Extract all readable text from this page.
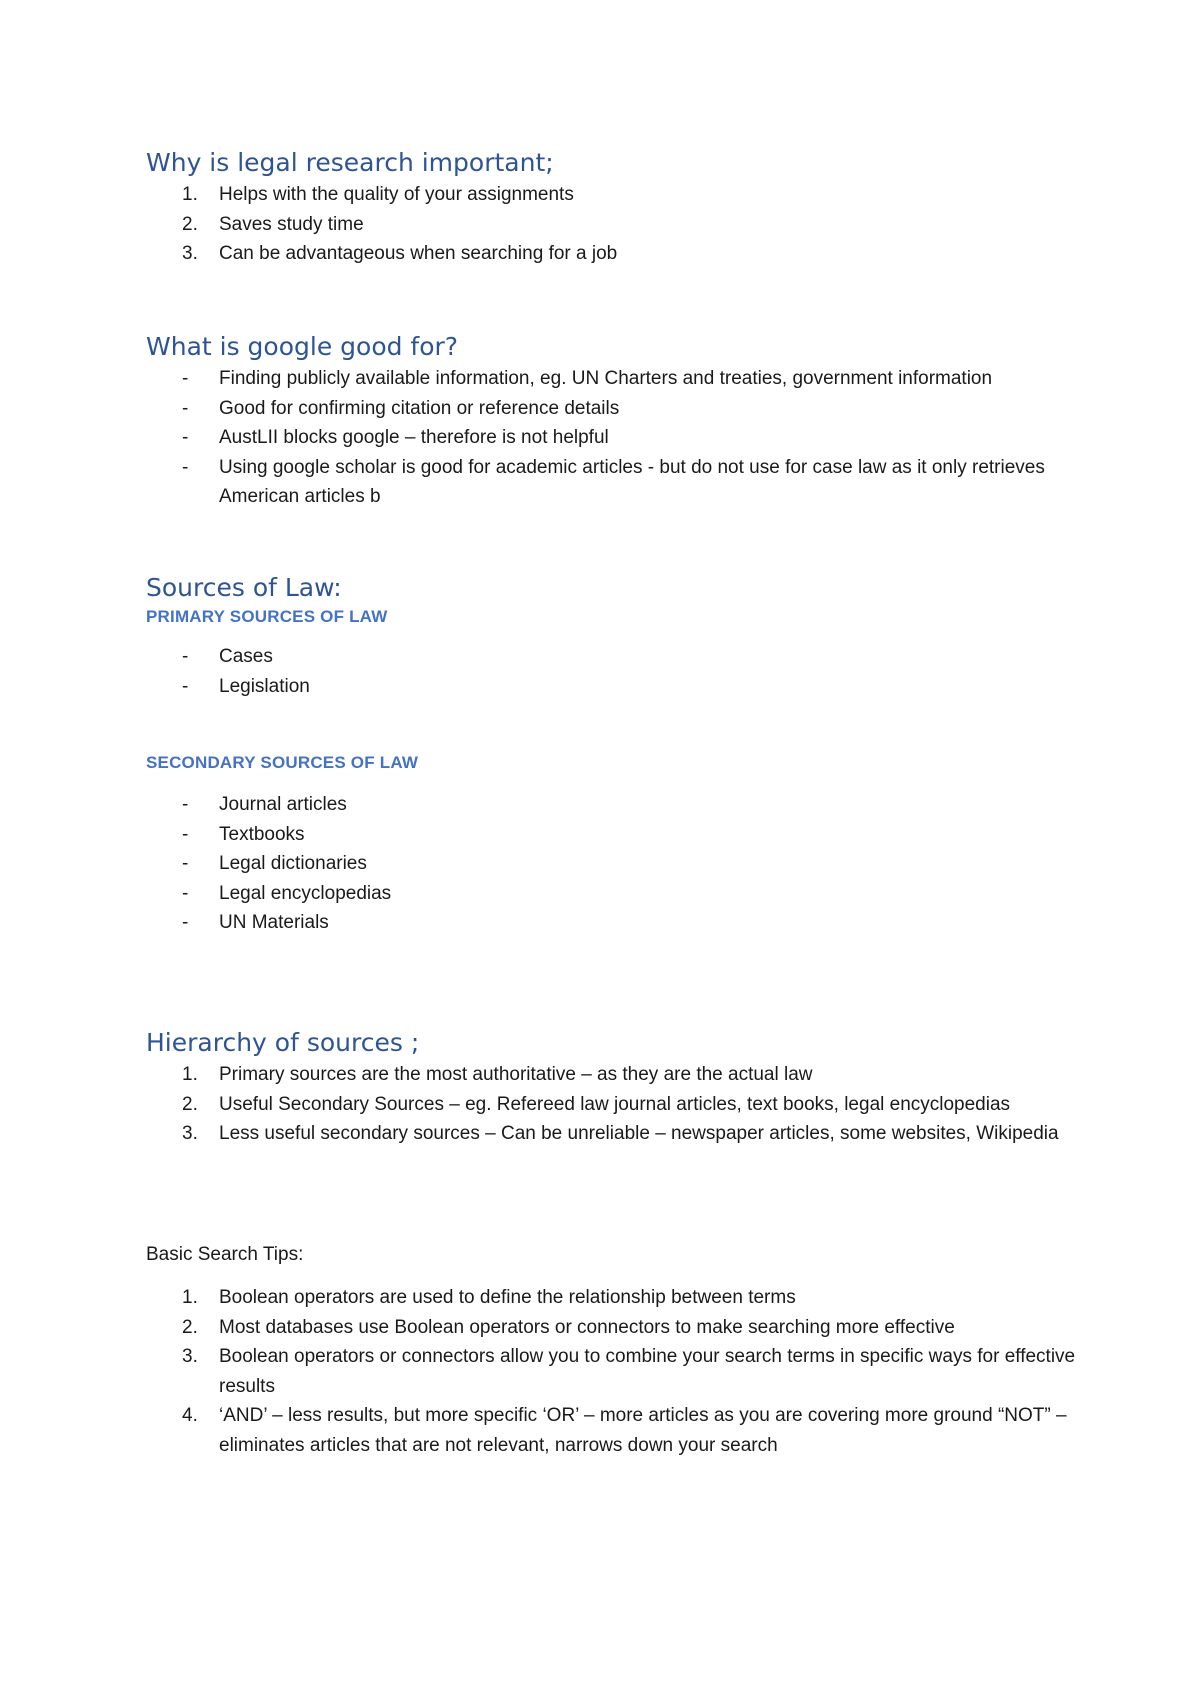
Why is legal research important;
1. Helps with the quality of your assignments
2. Saves study time
3. Can be advantageous when searching for a job
What is google good for?
- Finding publicly available information, eg. UN Charters and treaties, government information
- Good for confirming citation or reference details
- AustLII blocks google – therefore is not helpful
- Using google scholar is good for academic articles - but do not use for case law as it only retrieves American articles b
Sources of Law:
PRIMARY SOURCES OF LAW
- Cases
- Legislation
SECONDARY SOURCES OF LAW
- Journal articles
- Textbooks
- Legal dictionaries
- Legal encyclopedias
- UN Materials
Hierarchy of sources ;
1. Primary sources are the most authoritative – as they are the actual law
2. Useful Secondary Sources – eg. Refereed law journal articles, text books, legal encyclopedias
3. Less useful secondary sources – Can be unreliable – newspaper articles, some websites, Wikipedia

Basic Search Tips:

1. Boolean operators are used to define the relationship between terms
2. Most databases use Boolean operators or connectors to make searching more effective
3. Boolean operators or connectors allow you to combine your search terms in specific ways for effective results
4. ‘AND’ – less results, but more specific ‘OR’ – more articles as you are covering more ground “NOT” – eliminates articles that are not relevant, narrows down your search
